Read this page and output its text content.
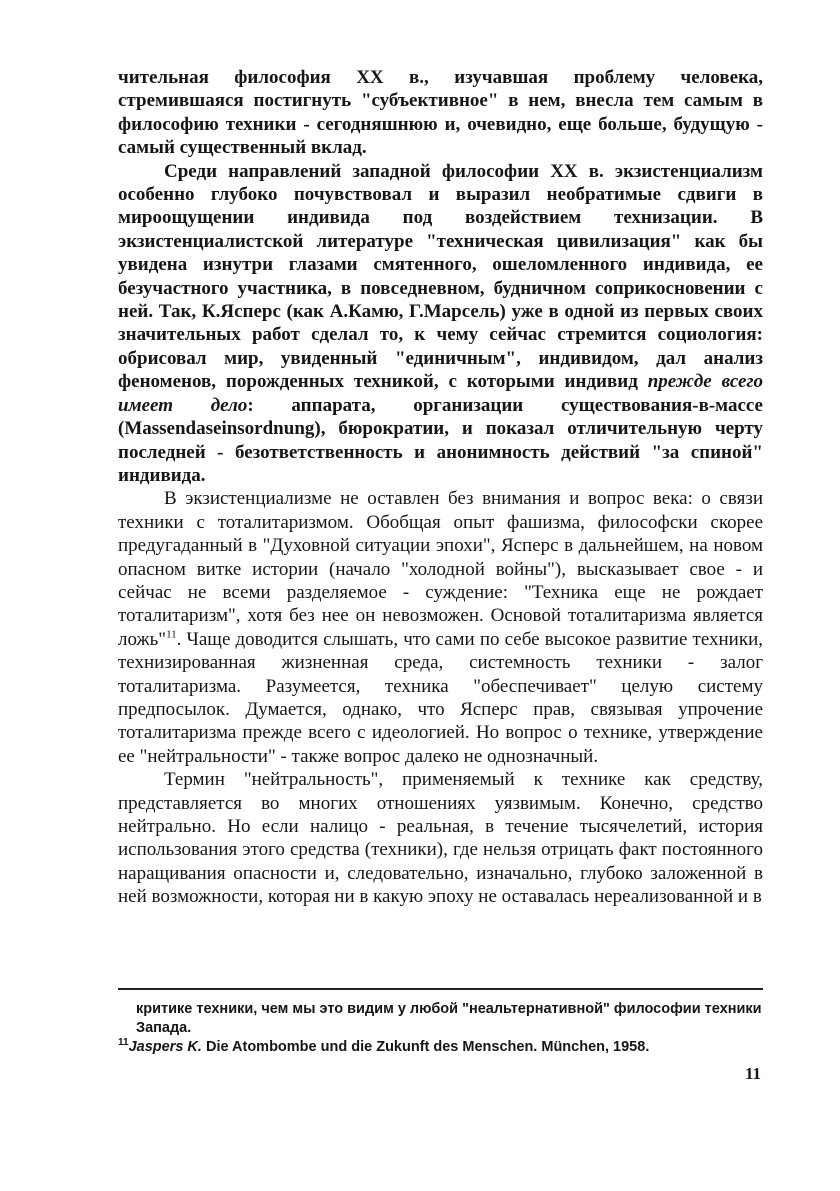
чительная философия XX в., изучавшая проблему человека, стремившаяся постигнуть "субъективное" в нем, внесла тем самым в философию техники - сегодняшнюю и, очевидно, еще больше, будущую - самый существенный вклад.

Среди направлений западной философии XX в. экзистенциализм особенно глубоко почувствовал и выразил необратимые сдвиги в мироощущении индивида под воздействием технизации. В экзистенциалистской литературе "техническая цивилизация" как бы увидена изнутри глазами смятенного, ошеломленного индивида, ее безучастного участника, в повседневном, будничном соприкосновении с ней. Так, К.Ясперс (как А.Камю, Г.Марсель) уже в одной из первых своих значительных работ сделал то, к чему сейчас стремится социология: обрисовал мир, увиденный "единичным", индивидом, дал анализ феноменов, порожденных техникой, с которыми индивид прежде всего имеет дело: аппарата, организации существования-в-массе (Massendaseinsordnung), бюрократии, и показал отличительную черту последней - безответственность и анонимность действий "за спиной" индивида.

В экзистенциализме не оставлен без внимания и вопрос века: о связи техники с тоталитаризмом. Обобщая опыт фашизма, философски скорее предугаданный в "Духовной ситуации эпохи", Ясперс в дальнейшем, на новом опасном витке истории (начало "холодной войны"), высказывает свое - и сейчас не всеми разделяемое - суждение: "Техника еще не рождает тоталитаризм", хотя без нее он невозможен. Основой тоталитаризма является ложь"$^{11}$. Чаще доводится слышать, что сами по себе высокое развитие техники, технизированная жизненная среда, системность техники - залог тоталитаризма. Разумеется, техника "обеспечивает" целую систему предпосылок. Думается, однако, что Ясперс прав, связывая упрочение тоталитаризма прежде всего с идеологией. Но вопрос о технике, утверждение ее "нейтральности" - также вопрос далеко не однозначный.

Термин "нейтральность", применяемый к технике как средству, представляется во многих отношениях уязвимым. Конечно, средство нейтрально. Но если налицо - реальная, в течение тысячелетий, история использования этого средства (техники), где нельзя отрицать факт постоянного наращивания опасности и, следовательно, изначально, глубоко заложенной в ней возможности, которая ни в какую эпоху не оставалась нереализованной и в

критике техники, чем мы это видим у любой "неальтернативной" философии техники Запада.

$^{11}$Jaspers K. Die Atombombe und die Zukunft des Menschen. München, 1958.

11
